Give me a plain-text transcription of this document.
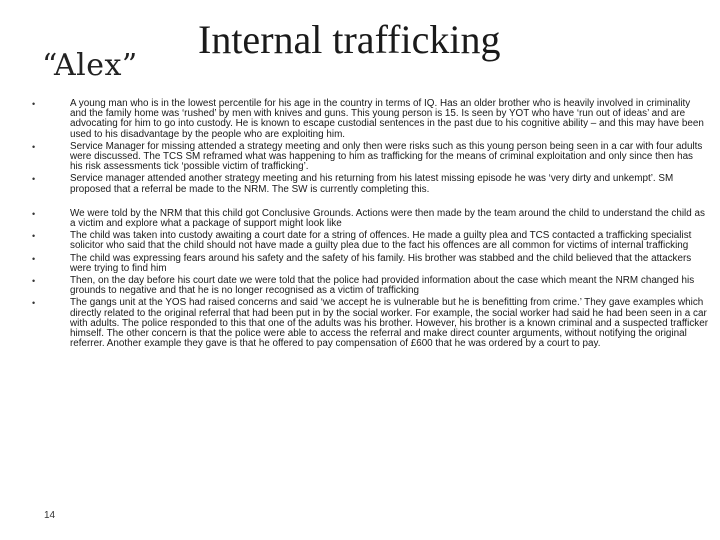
Internal trafficking
“Alex”
• A young man who is in the lowest percentile for his age in the country in terms of IQ. Has an older brother who is heavily involved in criminality and the family home was ‘rushed’ by men with knives and guns. This young person is 15. Is seen by YOT who have ‘run out of ideas’ and are advocating for him to go into custody. He is known to escape custodial sentences in the past due to his cognitive ability – and this may have been used to his disadvantage by the people who are exploiting him.
• Service Manager for missing attended a strategy meeting and only then were risks such as this young person being seen in a car with four adults were discussed. The TCS SM reframed what was happening to him as trafficking for the means of criminal exploitation and only since then has his risk assessments tick ‘possible victim of trafficking’.
• Service manager attended another strategy meeting and his returning from his latest missing episode he was ‘very dirty and unkempt’. SM proposed that a referral be made to the NRM. The SW is currently completing this.
• We were told by the NRM that this child got Conclusive Grounds. Actions were then made by the team around the child to understand the child as a victim and explore what a package of support might look like
• The child was taken into custody awaiting a court date for a string of offences. He made a guilty plea and TCS contacted a trafficking specialist solicitor who said that the child should not have made a guilty plea due to the fact his offences are all common for victims of internal trafficking
• The child was expressing fears around his safety and the safety of his family. His brother was stabbed and the child believed that the attackers were trying to find him
• Then, on the day before his court date we were told that the police had provided information about the case which meant the NRM changed his grounds to negative and that he is no longer recognised as a victim of trafficking
• The gangs unit at the YOS had raised concerns and said ‘we accept he is vulnerable but he is benefitting from crime.’ They gave examples which directly related to the original referral that had been put in by the social worker. For example, the social worker had said he had been seen in a car with adults. The police responded to this that one of the adults was his brother. However, his brother is a known criminal and a suspected trafficker himself. The other concern is that the police were able to access the referral and make direct counter arguments, without notifying the original referrer. Another example they gave is that he offered to pay compensation of £600 that he was ordered by a court to pay.
14
